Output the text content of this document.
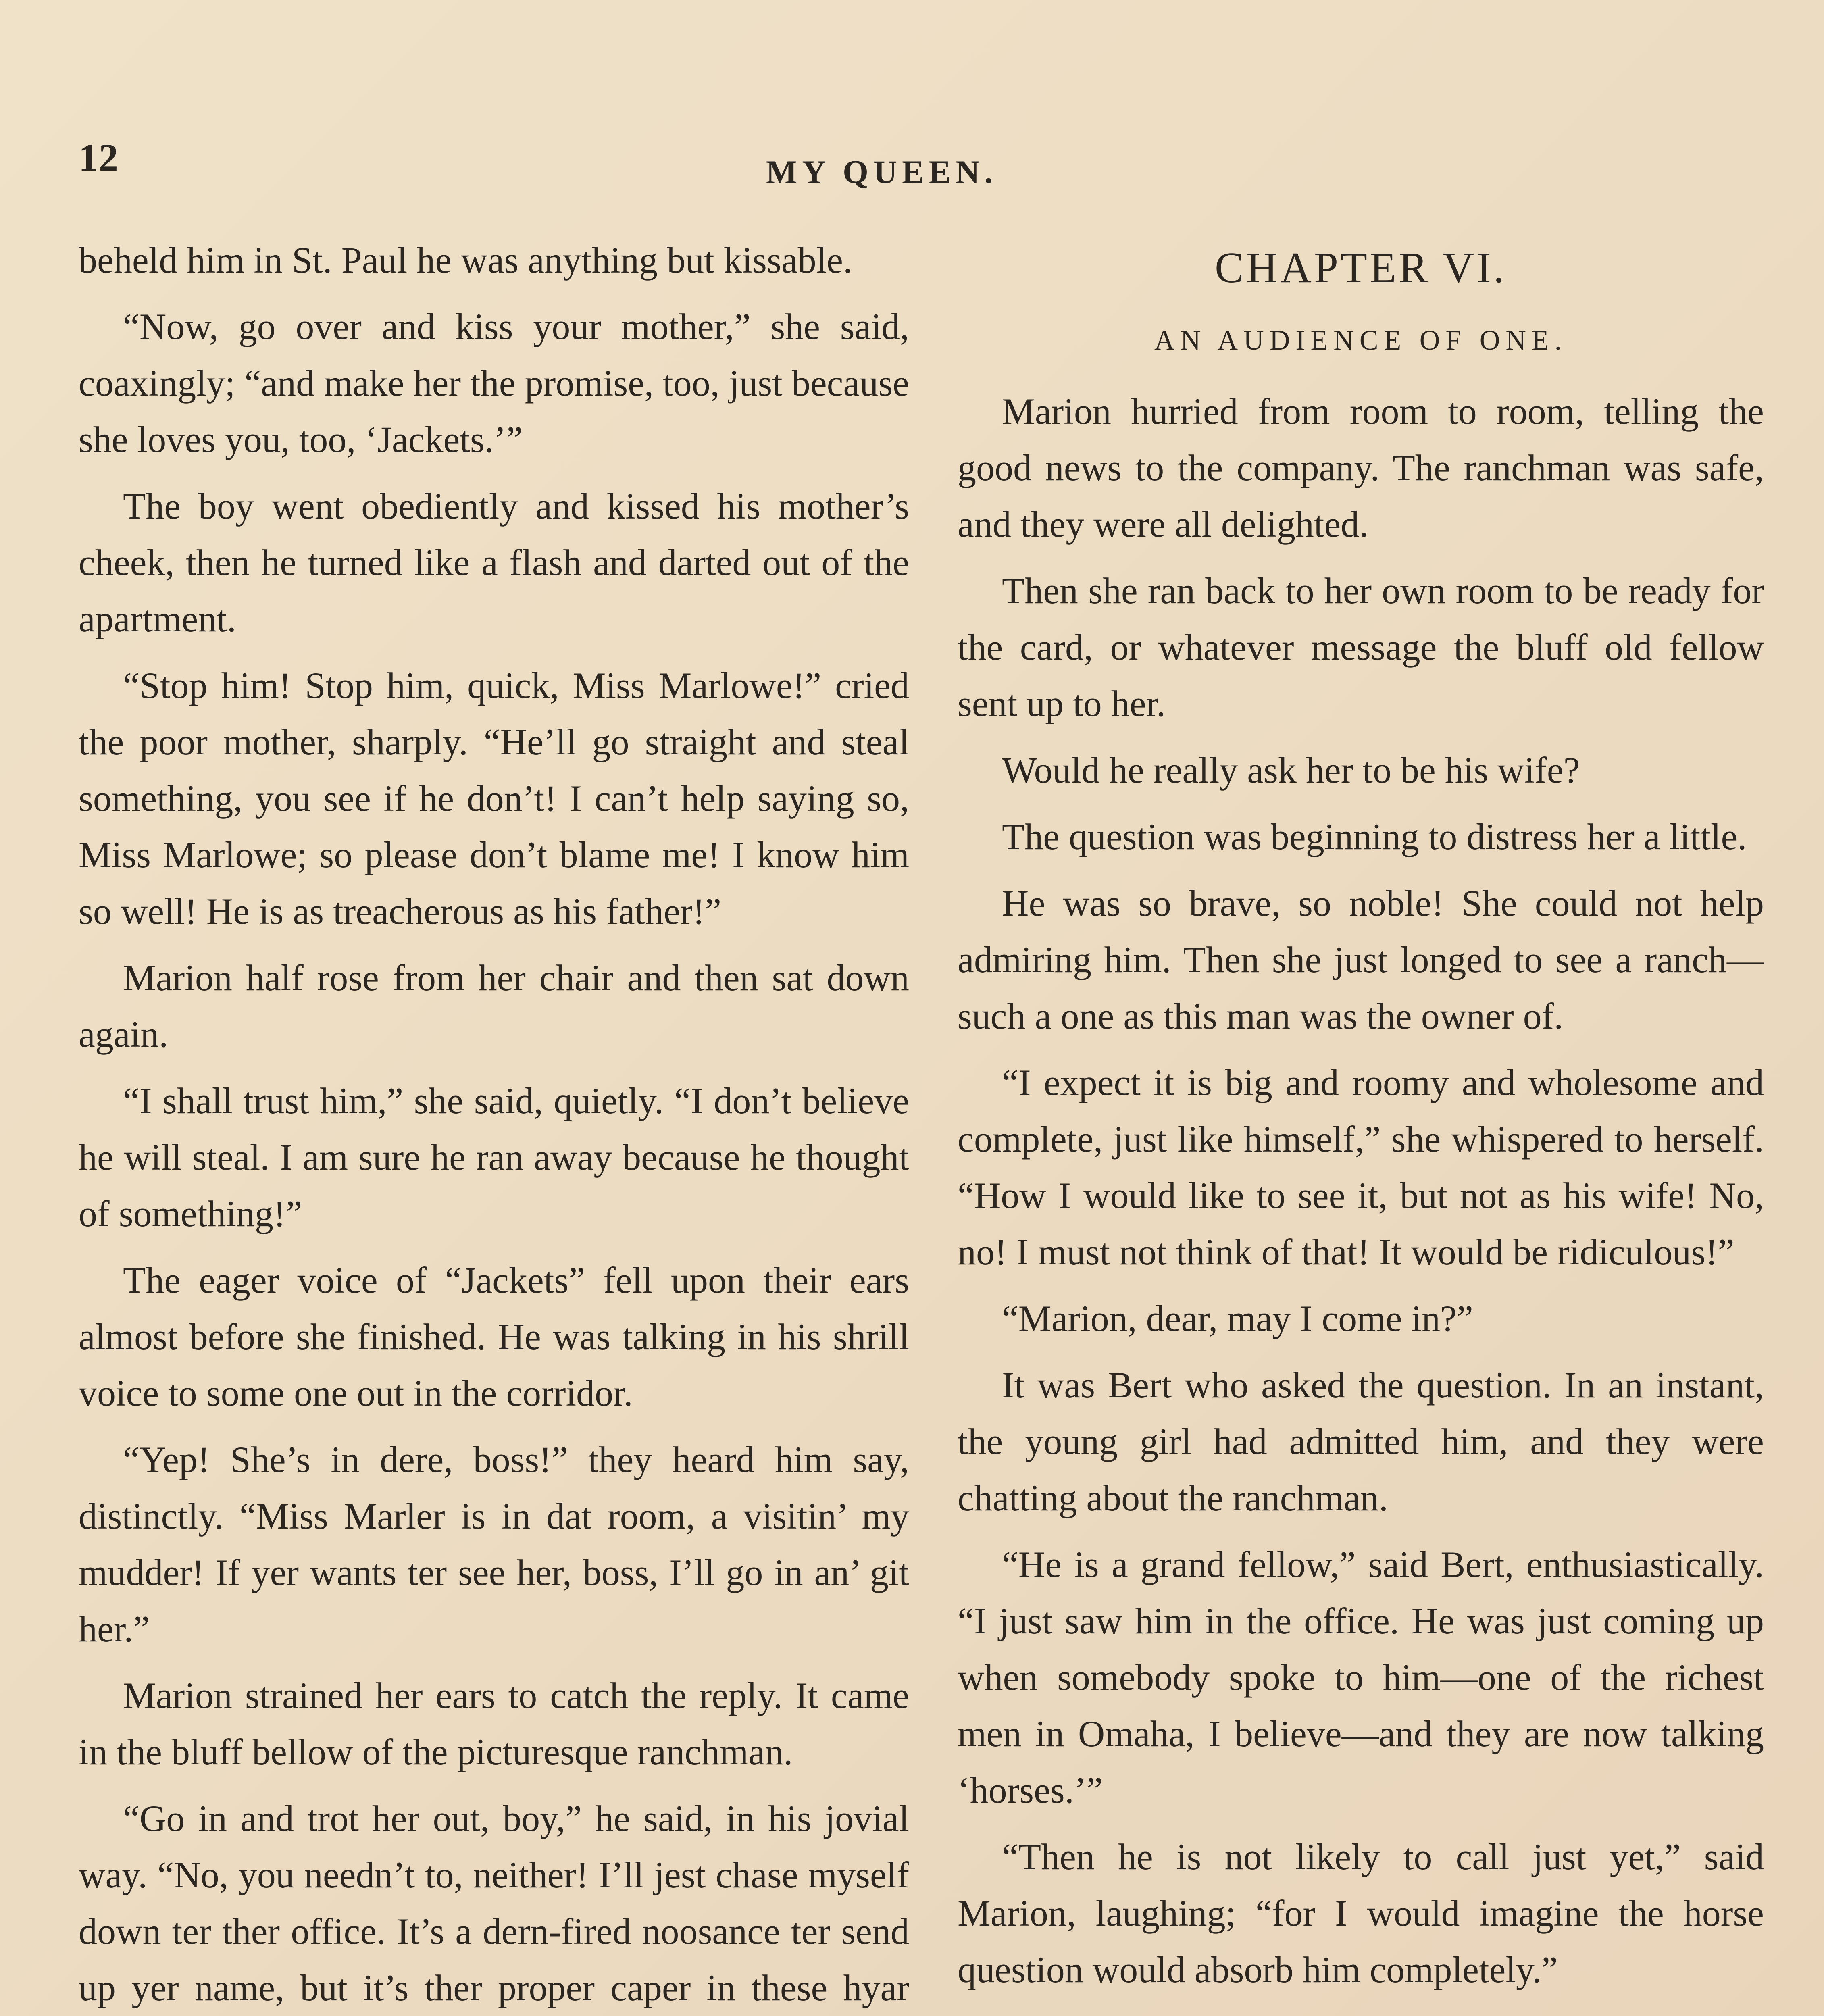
12	MY QUEEN.

beheld him in St. Paul he was anything but kissable.

“Now, go over and kiss your mother,” she said, coaxingly; “and make her the promise, too, just because she loves you, too, ‘Jackets.’”

The boy went obediently and kissed his mother’s cheek, then he turned like a flash and darted out of the apartment.

“Stop him! Stop him, quick, Miss Marlowe!” cried the poor mother, sharply. “He’ll go straight and steal something, you see if he don’t! I can’t help saying so, Miss Marlowe; so please don’t blame me! I know him so well! He is as treacherous as his father!”

Marion half rose from her chair and then sat down again.

“I shall trust him,” she said, quietly. “I don’t believe he will steal. I am sure he ran away because he thought of something!”

The eager voice of “Jackets” fell upon their ears almost before she finished. He was talking in his shrill voice to some one out in the corridor.

“Yep! She’s in dere, boss!” they heard him say, distinctly. “Miss Marler is in dat room, a visitin’ my mudder! If yer wants ter see her, boss, I’ll go in an’ git her.”

Marion strained her ears to catch the reply. It came in the bluff bellow of the picturesque ranchman.

“Go in and trot her out, boy,” he said, in his jovial way. “No, you needn’t to, neither! I’ll jest chase myself down ter ther office. It’s a dern-fired noosance ter send up yer name, but it’s ther proper caper in these hyar

CHAPTER VI.
AN AUDIENCE OF ONE.

Marion hurried from room to room, telling the good news to the company. The ranchman was safe, and they were all delighted.

Then she ran back to her own room to be ready for the card, or whatever message the bluff old fellow sent up to her.

Would he really ask her to be his wife?

The question was beginning to distress her a little.

He was so brave, so noble! She could not help admiring him. Then she just longed to see a ranch—such a one as this man was the owner of.

“I expect it is big and roomy and wholesome and complete, just like himself,” she whispered to herself. “How I would like to see it, but not as his wife! No, no! I must not think of that! It would be ridiculous!”

“Marion, dear, may I come in?”

It was Bert who asked the question. In an instant, the young girl had admitted him, and they were chatting about the ranchman.

“He is a grand fellow,” said Bert, enthusiastically. “I just saw him in the office. He was just coming up when somebody spoke to him—one of the richest men in Omaha, I believe—and they are now talking ‘horses.’”

“Then he is not likely to call just yet,” said Marion, laughing; “for I would imagine the horse question would absorb him completely.”
